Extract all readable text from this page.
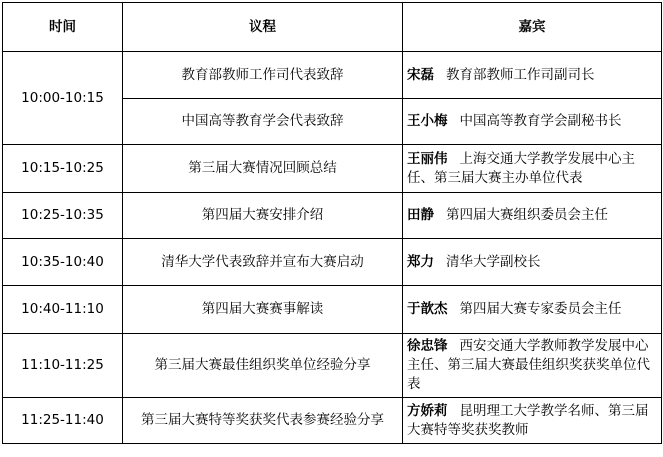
时间	议程	嘉宾
10:00-10:15	教育部教师工作司代表致辞	宋磊 教育部教师工作司副司长
	中国高等教育学会代表致辞	王小梅 中国高等教育学会副秘书长
10:15-10:25	第三届大赛情况回顾总结	王丽伟 上海交通大学教学发展中心主任、第三届大赛主办单位代表
10:25-10:35	第四届大赛安排介绍	田静 第四届大赛组织委员会主任
10:35-10:40	清华大学代表致辞并宣布大赛启动	郑力 清华大学副校长
10:40-11:10	第四届大赛赛事解读	于歆杰 第四届大赛专家委员会主任
11:10-11:25	第三届大赛最佳组织奖单位经验分享	徐忠锋 西安交通大学教师教学发展中心主任、第三届大赛最佳组织奖获奖单位代表
11:25-11:40	第三届大赛特等奖获奖代表参赛经验分享	方娇莉 昆明理工大学教学名师、第三届大赛特等奖获奖教师
